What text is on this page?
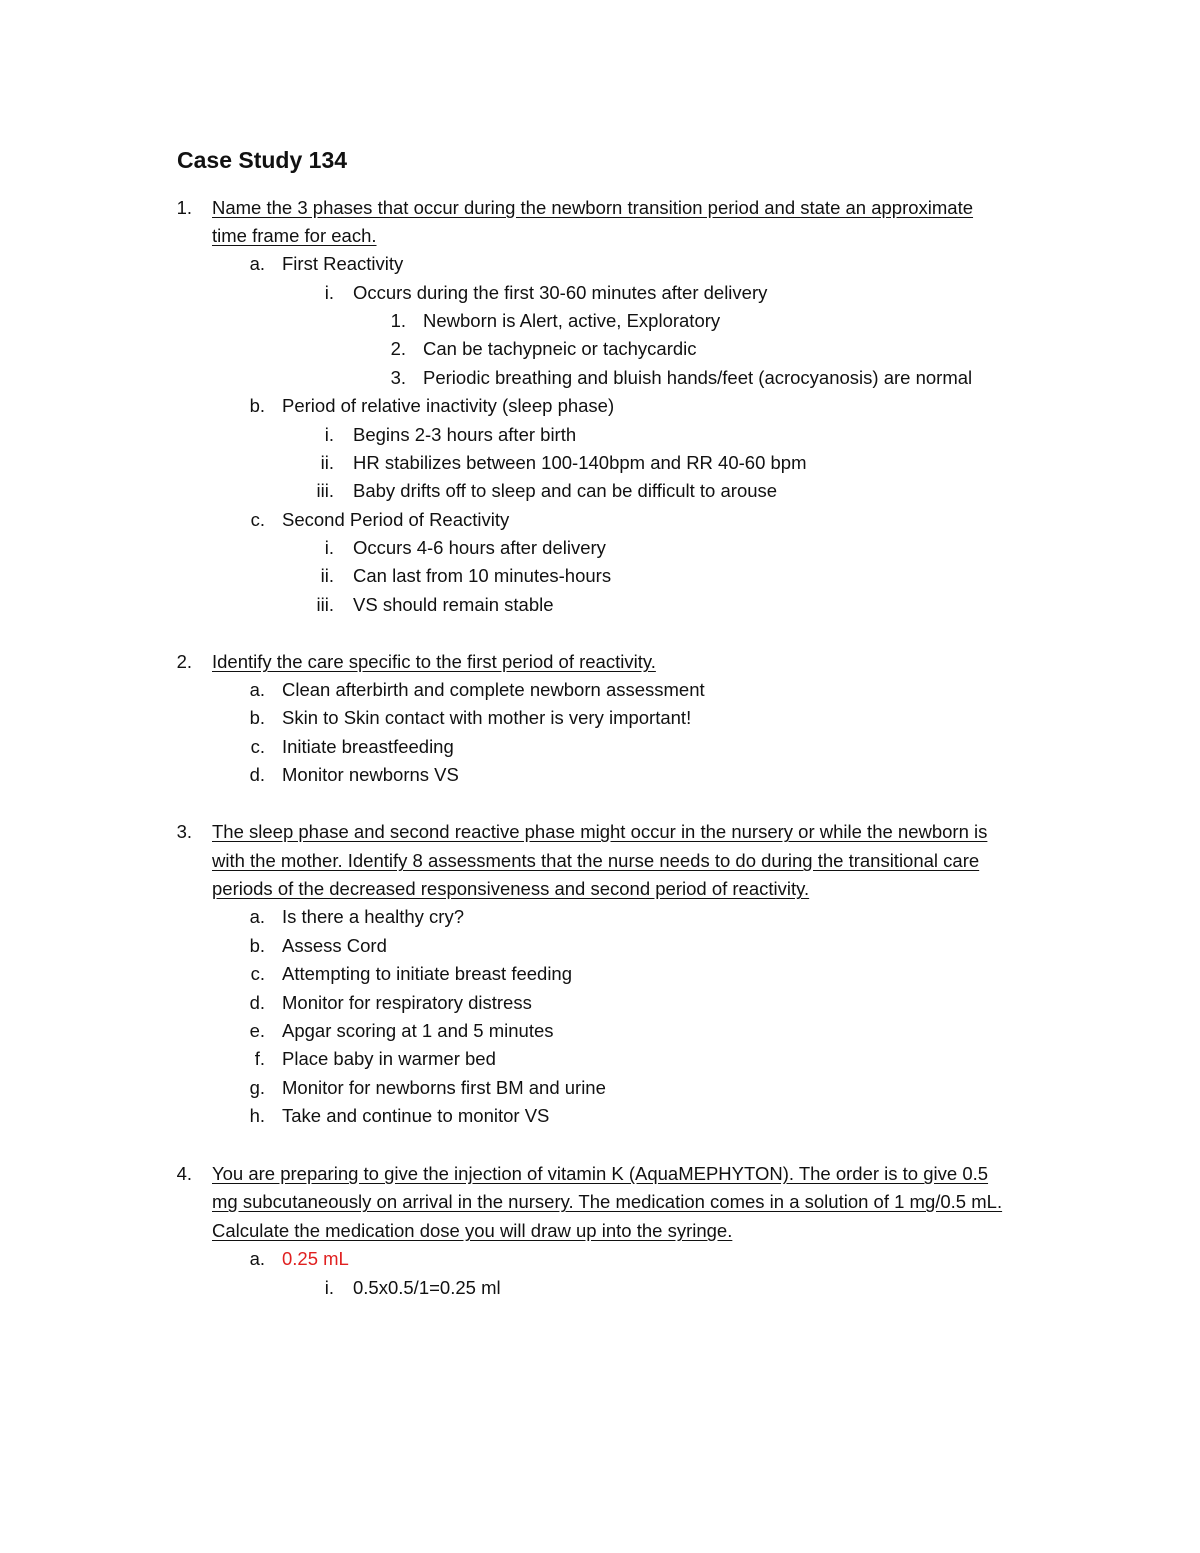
Case Study 134
1. Name the 3 phases that occur during the newborn transition period and state an approximate
time frame for each.
a. First Reactivity
i. Occurs during the first 30-60 minutes after delivery
1. Newborn is Alert, active, Exploratory
2. Can be tachypneic or tachycardic
3. Periodic breathing and bluish hands/feet (acrocyanosis) are normal
b. Period of relative inactivity (sleep phase)
i. Begins 2-3 hours after birth
ii. HR stabilizes between 100-140bpm and RR 40-60 bpm
iii. Baby drifts off to sleep and can be difficult to arouse
c. Second Period of Reactivity
i. Occurs 4-6 hours after delivery
ii. Can last from 10 minutes-hours
iii. VS should remain stable
2. Identify the care specific to the first period of reactivity.
a. Clean afterbirth and complete newborn assessment
b. Skin to Skin contact with mother is very important!
c. Initiate breastfeeding
d. Monitor newborns VS
3. The sleep phase and second reactive phase might occur in the nursery or while the newborn is
with the mother. Identify 8 assessments that the nurse needs to do during the transitional care
periods of the decreased responsiveness and second period of reactivity.
a. Is there a healthy cry?
b. Assess Cord
c. Attempting to initiate breast feeding
d. Monitor for respiratory distress
e. Apgar scoring at 1 and 5 minutes
f. Place baby in warmer bed
g. Monitor for newborns first BM and urine
h. Take and continue to monitor VS
4. You are preparing to give the injection of vitamin K (AquaMEPHYTON). The order is to give 0.5
mg subcutaneously on arrival in the nursery. The medication comes in a solution of 1 mg/0.5 mL.
Calculate the medication dose you will draw up into the syringe.
a. 0.25 mL
i. 0.5x0.5/1=0.25 ml
